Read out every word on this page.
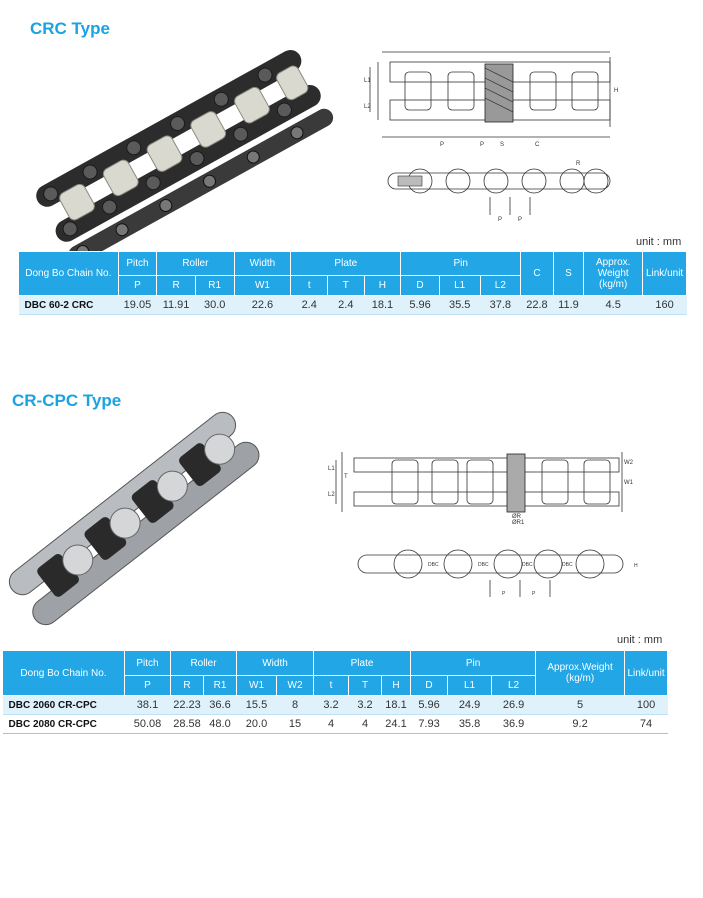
CRC Type
L1
L2
H
C
S
P
P
R
P	P
unit : mm
Dong Bo Chain No.	Pitch	Roller		Width	Plate			Pin			C	S	Approx. Weight (kg/m)	Link/unit
	P	R	R1	W1	t	T	H	D	L1	L2				
DBC 60-2 CRC	19.05	11.91	30.0	22.6	2.4	2.4	18.1	5.96	35.5	37.8	22.8	11.9	4.5	160
CR-CPC Type
L1
L2
T
W2
W1
ØR
ØR1
DBC	DBC	DBC	DBC
P	P
H
unit : mm
Dong Bo Chain No.	Pitch	Roller		Width		Plate			Pin			Approx.Weight (kg/m)	Link/unit
	P	R	R1	W1	W2	t	T	H	D	L1	L2		
DBC 2060 CR-CPC	38.1	22.23	36.6	15.5	8	3.2	3.2	18.1	5.96	24.9	26.9	5	100
DBC 2080 CR-CPC	50.08	28.58	48.0	20.0	15	4	4	24.1	7.93	35.8	36.9	9.2	74
